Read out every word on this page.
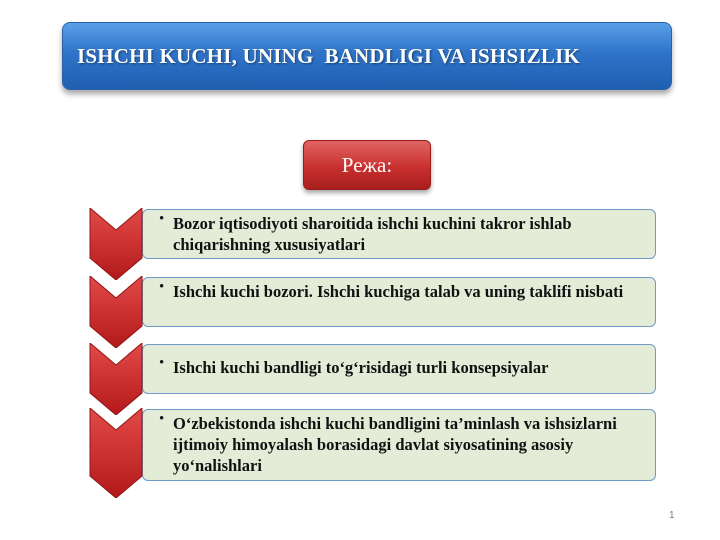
ISHCHI KUCHI, UNING  BANDLIGI VA ISHSIZLIK
Режа:
• Bozor iqtisodiyoti sharoitida ishchi kuchini takror ishlab chiqarishning xususiyatlari
• Ishchi kuchi bozori. Ishchi kuchiga talab va uning taklifi nisbati
• Ishchi kuchi bandligi to‘g‘risidagi turli konsepsiyalar
• O‘zbekistonda ishchi kuchi bandligini ta’minlash va ishsizlarni ijtimoiy himoyalash borasidagi davlat siyosatining asosiy yo‘nalishlari
1
